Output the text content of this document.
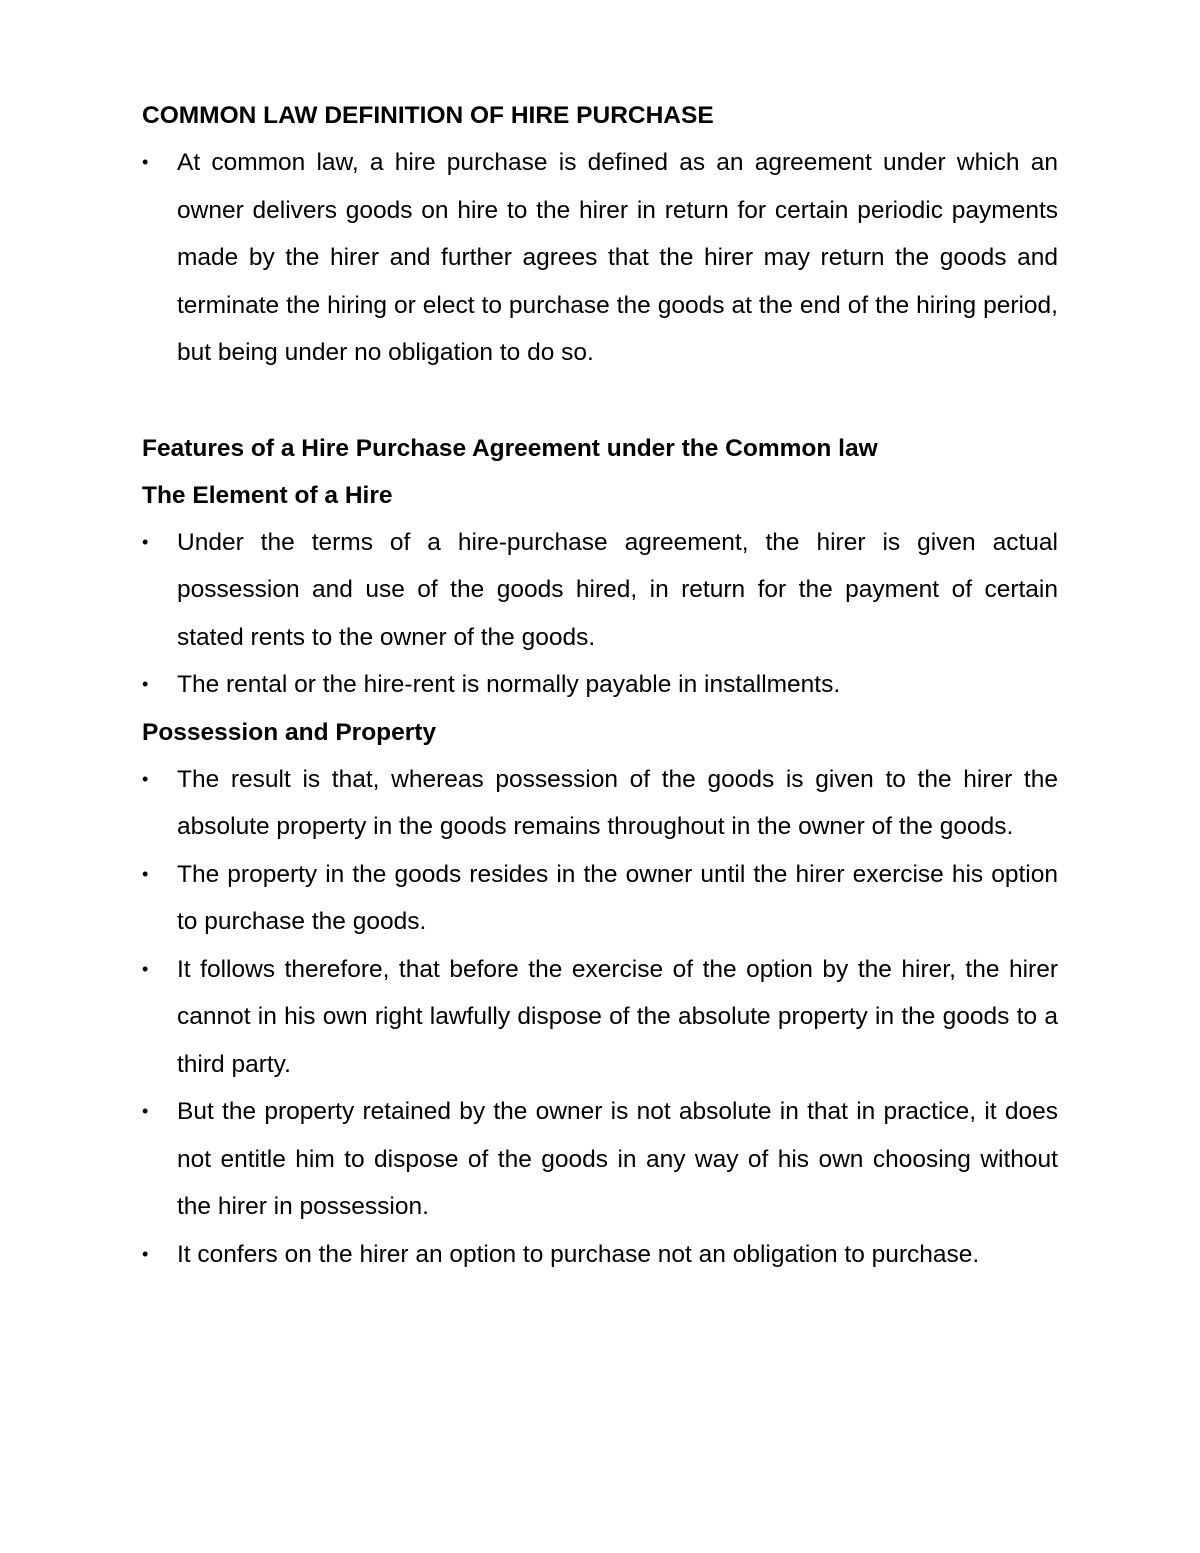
COMMON LAW DEFINITION OF HIRE PURCHASE
•	At common law, a hire purchase is defined as an agreement under which an owner delivers goods on hire to the hirer in return for certain periodic payments made by the hirer and further agrees that the hirer may return the goods and terminate the hiring or elect to purchase the goods at the end of the hiring period, but being under no obligation to do so.
Features of a Hire Purchase Agreement under the Common law
The Element of a Hire
•	Under the terms of a hire-purchase agreement, the hirer is given actual possession and use of the goods hired, in return for the payment of certain stated rents to the owner of the goods.
•	The rental or the hire-rent is normally payable in installments.
Possession and Property
•	The result is that, whereas possession of the goods is given to the hirer the absolute property in the goods remains throughout in the owner of the goods.
•	The property in the goods resides in the owner until the hirer exercise his option to purchase the goods.
•	It follows therefore, that before the exercise of the option by the hirer, the hirer cannot in his own right lawfully dispose of the absolute property in the goods to a third party.
•	But the property retained by the owner is not absolute in that in practice, it does not entitle him to dispose of the goods in any way of his own choosing without the hirer in possession.
•	It confers on the hirer an option to purchase not an obligation to purchase.
